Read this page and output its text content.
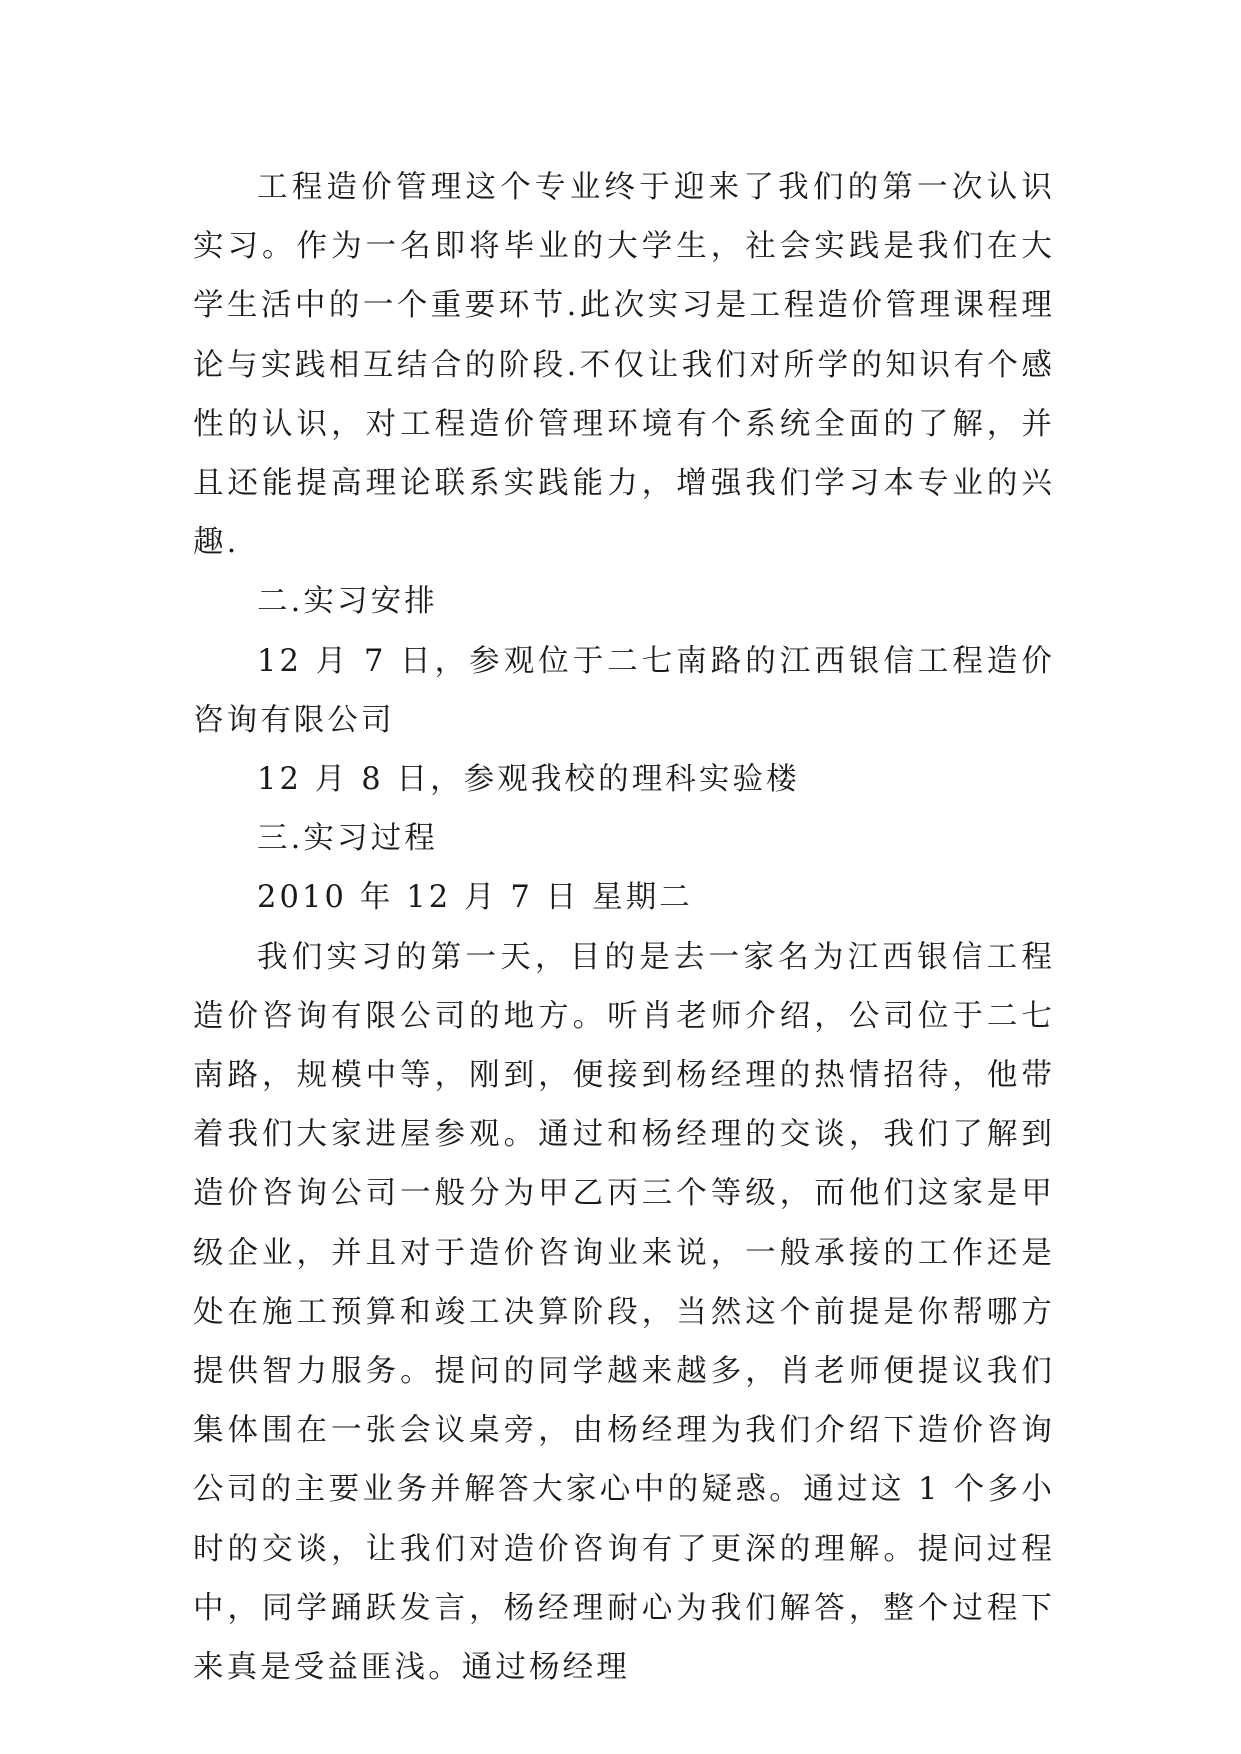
工程造价管理这个专业终于迎来了我们的第一次认识实习。作为一名即将毕业的大学生，社会实践是我们在大学生活中的一个重要环节.此次实习是工程造价管理课程理论与实践相互结合的阶段.不仅让我们对所学的知识有个感性的认识，对工程造价管理环境有个系统全面的了解，并且还能提高理论联系实践能力，增强我们学习本专业的兴趣.

二.实习安排

12 月 7 日，参观位于二七南路的江西银信工程造价咨询有限公司

12 月 8 日，参观我校的理科实验楼

三.实习过程

2010 年 12 月 7 日 星期二

我们实习的第一天，目的是去一家名为江西银信工程造价咨询有限公司的地方。听肖老师介绍，公司位于二七南路，规模中等，刚到，便接到杨经理的热情招待，他带着我们大家进屋参观。通过和杨经理的交谈，我们了解到造价咨询公司一般分为甲乙丙三个等级，而他们这家是甲级企业，并且对于造价咨询业来说，一般承接的工作还是处在施工预算和竣工决算阶段，当然这个前提是你帮哪方提供智力服务。提问的同学越来越多，肖老师便提议我们集体围在一张会议桌旁，由杨经理为我们介绍下造价咨询公司的主要业务并解答大家心中的疑惑。通过这 1 个多小时的交谈，让我们对造价咨询有了更深的理解。提问过程中，同学踊跃发言，杨经理耐心为我们解答，整个过程下来真是受益匪浅。通过杨经理
